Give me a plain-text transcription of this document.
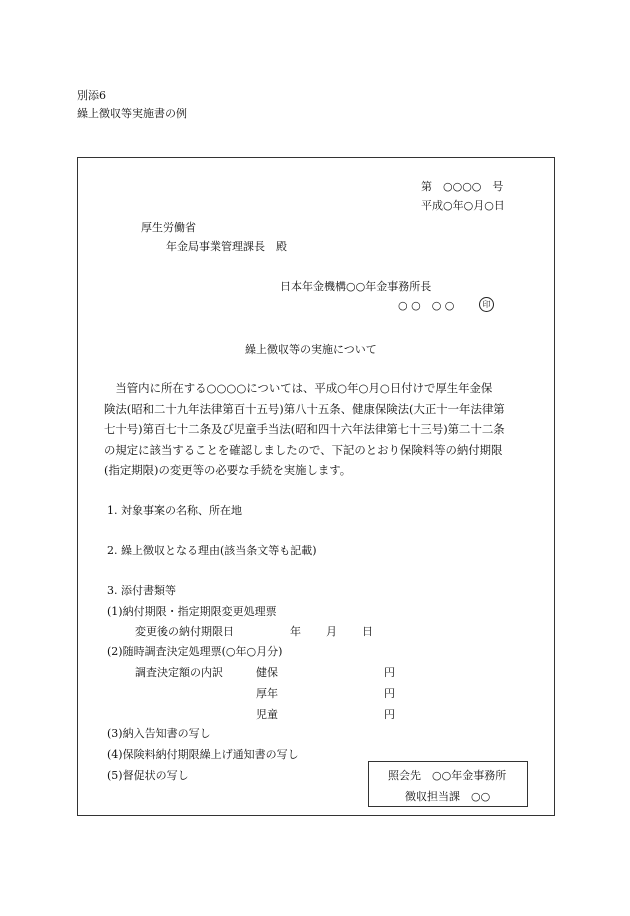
別添6
繰上徴収等実施書の例
第　○○○○　号
平成○年○月○日
厚生労働省
年金局事業管理課長　殿
日本年金機構○○年金事務所長
○ ○　○ ○	印
繰上徴収等の実施について
　当管内に所在する○○○○については、平成○年○月○日付けで厚生年金保
険法(昭和二十九年法律第百十五号)第八十五条、健康保険法(大正十一年法律第
七十号)第百七十二条及び児童手当法(昭和四十六年法律第七十三号)第二十二条
の規定に該当することを確認しましたので、下記のとおり保険料等の納付期限
(指定期限)の変更等の必要な手続を実施します。
1. 対象事案の名称、所在地
2. 繰上徴収となる理由(該当条文等も記載)
3. 添付書類等
(1)納付期限・指定期限変更処理票
変更後の納付期限日	年 月 日
(2)随時調査決定処理票(○年○月分)
調査決定額の内訳	健保	円
厚年	円
児童	円
(3)納入告知書の写し
(4)保険料納付期限繰上げ通知書の写し
(5)督促状の写し	照会先　○○年金事務所
徴収担当課　○○
